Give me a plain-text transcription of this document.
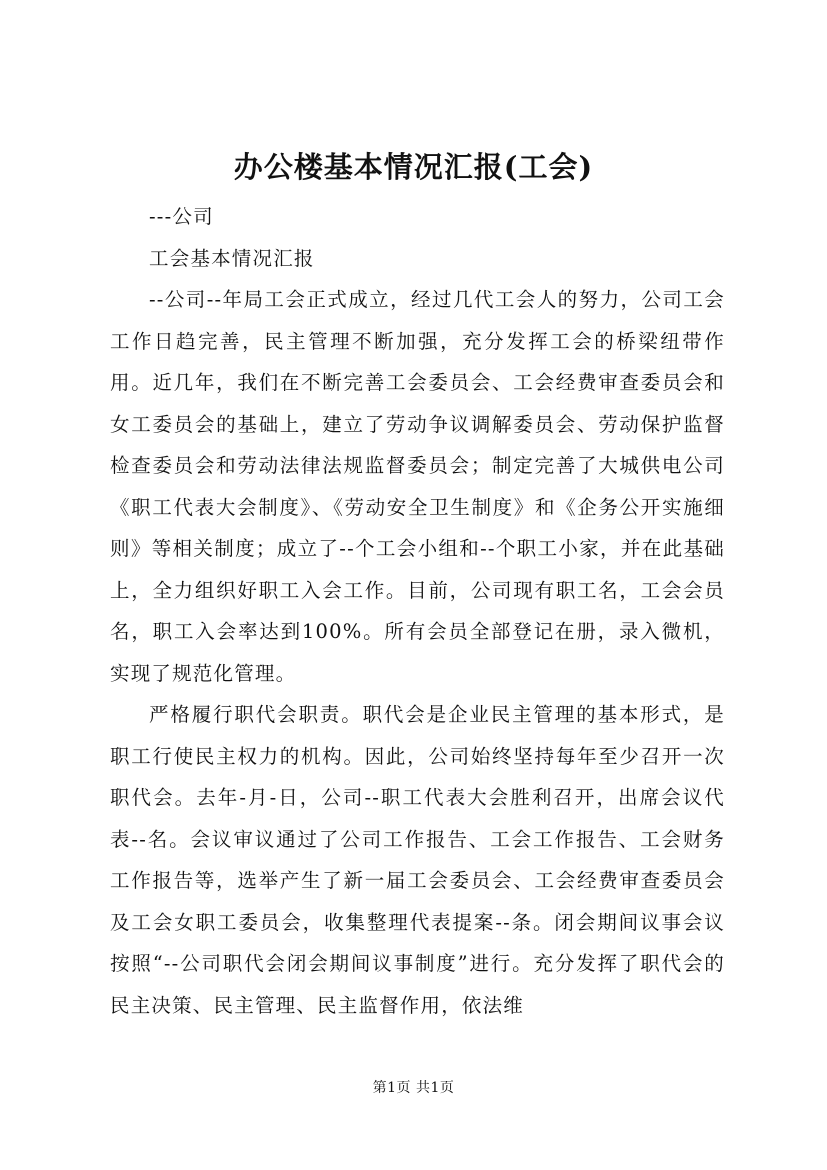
办公楼基本情况汇报(工会)

---公司

工会基本情况汇报

--公司--年局工会正式成立，经过几代工会人的努力，公司工会工作日趋完善，民主管理不断加强，充分发挥工会的桥梁纽带作用。近几年，我们在不断完善工会委员会、工会经费审查委员会和女工委员会的基础上，建立了劳动争议调解委员会、劳动保护监督检查委员会和劳动法律法规监督委员会；制定完善了大城供电公司《职工代表大会制度》、《劳动安全卫生制度》和《企务公开实施细则》等相关制度；成立了--个工会小组和--个职工小家，并在此基础上，全力组织好职工入会工作。目前，公司现有职工名，工会会员名，职工入会率达到100%。所有会员全部登记在册，录入微机，实现了规范化管理。

严格履行职代会职责。职代会是企业民主管理的基本形式，是职工行使民主权力的机构。因此，公司始终坚持每年至少召开一次职代会。去年-月-日，公司--职工代表大会胜利召开，出席会议代表--名。会议审议通过了公司工作报告、工会工作报告、工会财务工作报告等，选举产生了新一届工会委员会、工会经费审查委员会及工会女职工委员会，收集整理代表提案--条。闭会期间议事会议按照“--公司职代会闭会期间议事制度”进行。充分发挥了职代会的民主决策、民主管理、民主监督作用，依法维

第1页 共1页
